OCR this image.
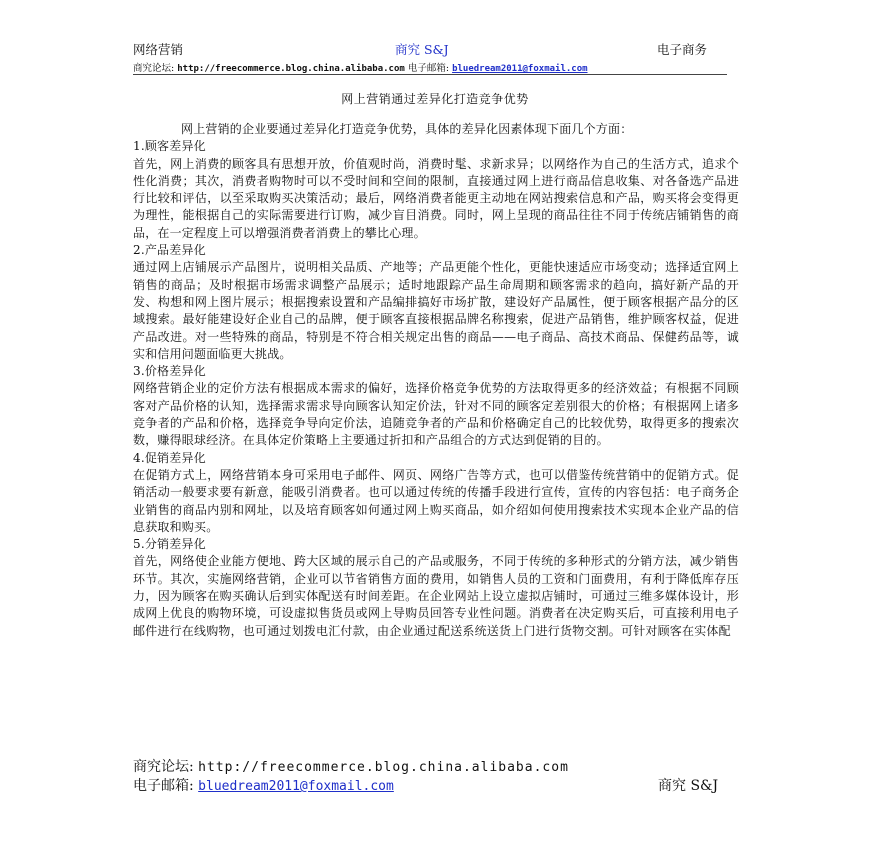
网络营销	商究 S&J	电子商务
商究论坛: http://freecommerce.blog.china.alibaba.com 电子邮箱: bluedream2011@foxmail.com
网上营销通过差异化打造竞争优势

网上营销的企业要通过差异化打造竞争优势，具体的差异化因素体现下面几个方面：

1.顾客差异化

首先，网上消费的顾客具有思想开放，价值观时尚，消费时髦、求新求异；以网络作为自己的生活方式，追求个性化消费；其次，消费者购物时可以不受时间和空间的限制，直接通过网上进行商品信息收集、对各备选产品进行比较和评估，以至采取购买决策活动；最后，网络消费者能更主动地在网站搜索信息和产品，购买将会变得更为理性，能根据自己的实际需要进行订购，减少盲目消费。同时，网上呈现的商品往往不同于传统店铺销售的商品，在一定程度上可以增强消费者消费上的攀比心理。

2.产品差异化

通过网上店铺展示产品图片，说明相关品质、产地等；产品更能个性化，更能快速适应市场变动；选择适宜网上销售的商品；及时根据市场需求调整产品展示；适时地跟踪产品生命周期和顾客需求的趋向，搞好新产品的开发、构想和网上图片展示；根据搜索设置和产品编排搞好市场扩散，建设好产品属性，便于顾客根据产品分的区域搜索。最好能建设好企业自己的品牌，便于顾客直接根据品牌名称搜索，促进产品销售，维护顾客权益，促进产品改进。对一些特殊的商品，特别是不符合相关规定出售的商品——电子商品、高技术商品、保健药品等，诚实和信用问题面临更大挑战。

3.价格差异化

网络营销企业的定价方法有根据成本需求的偏好，选择价格竞争优势的方法取得更多的经济效益；有根据不同顾客对产品价格的认知，选择需求需求导向顾客认知定价法，针对不同的顾客定差别很大的价格；有根据网上诸多竞争者的产品和价格，选择竞争导向定价法，追随竞争者的产品和价格确定自己的比较优势，取得更多的搜索次数，赚得眼球经济。在具体定价策略上主要通过折扣和产品组合的方式达到促销的目的。

4.促销差异化

在促销方式上，网络营销本身可采用电子邮件、网页、网络广告等方式，也可以借鉴传统营销中的促销方式。促销活动一般要求要有新意，能吸引消费者。也可以通过传统的传播手段进行宣传，宣传的内容包括：电子商务企业销售的商品内别和网址，以及培育顾客如何通过网上购买商品，如介绍如何使用搜索技术实现本企业产品的信息获取和购买。

5.分销差异化

首先，网络使企业能方便地、跨大区域的展示自己的产品或服务，不同于传统的多种形式的分销方法，减少销售环节。其次，实施网络营销，企业可以节省销售方面的费用，如销售人员的工资和门面费用，有利于降低库存压力，因为顾客在购买确认后到实体配送有时间差距。在企业网站上设立虚拟店铺时，可通过三维多媒体设计，形成网上优良的购物环境，可设虚拟售货员或网上导购员回答专业性问题。消费者在决定购买后，可直接利用电子邮件进行在线购物，也可通过划拨电汇付款，由企业通过配送系统送货上门进行货物交割。可针对顾客在实体配

商究论坛: http://freecommerce.blog.china.alibaba.com
电子邮箱: bluedream2011@foxmail.com	商究 S&J
